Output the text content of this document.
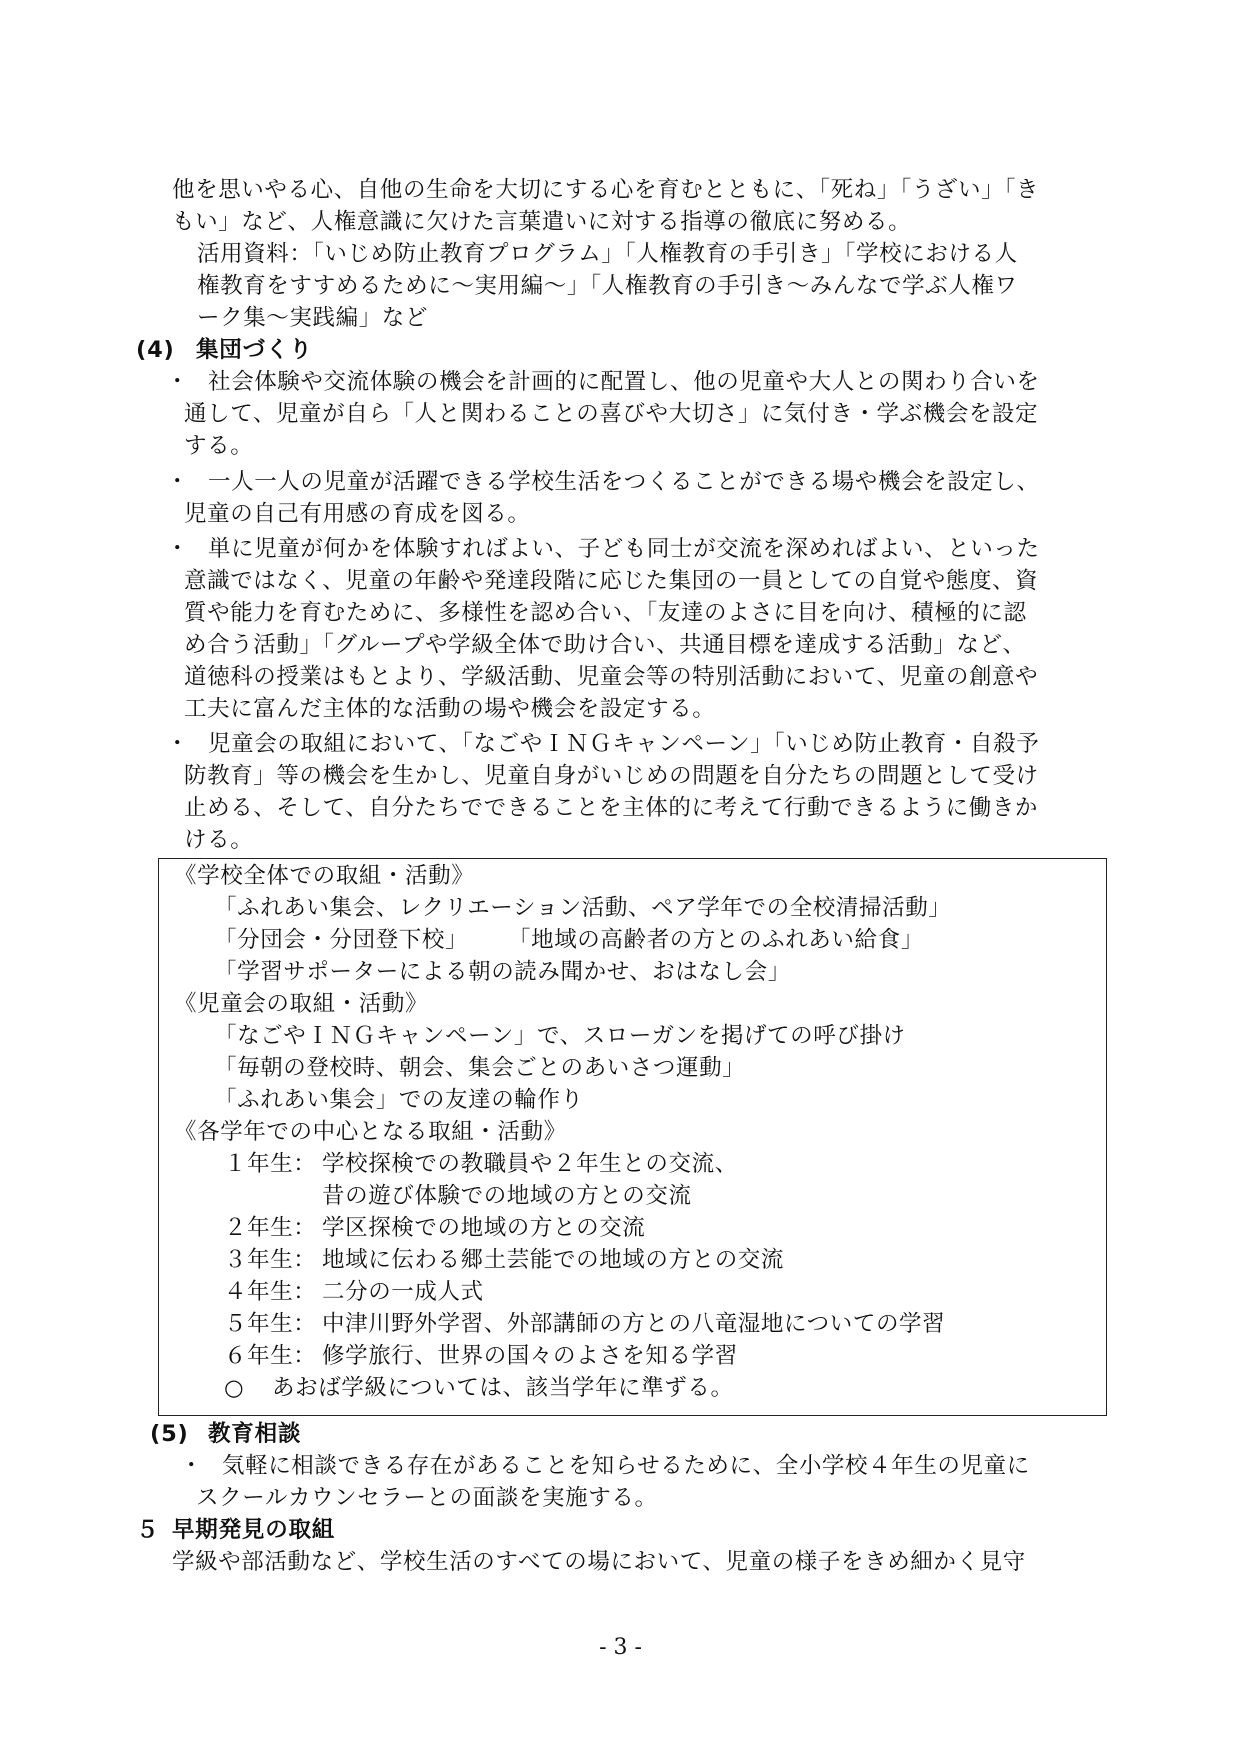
他を思いやる心、自他の生命を大切にする心を育むとともに、「死ね」「うざい」「き
もい」など、人権意識に欠けた言葉遣いに対する指導の徹底に努める。
活用資料：「いじめ防止教育プログラム」「人権教育の手引き」「学校における人
権教育をすすめるために～実用編～」「人権教育の手引き～みんなで学ぶ人権ワ
ーク集～実践編」など
(4) 集団づくり
・ 社会体験や交流体験の機会を計画的に配置し、他の児童や大人との関わり合いを
通して、児童が自ら「人と関わることの喜びや大切さ」に気付き・学ぶ機会を設定
する。
・ 一人一人の児童が活躍できる学校生活をつくることができる場や機会を設定し、
児童の自己有用感の育成を図る。
・ 単に児童が何かを体験すればよい、子ども同士が交流を深めればよい、といった
意識ではなく、児童の年齢や発達段階に応じた集団の一員としての自覚や態度、資
質や能力を育むために、多様性を認め合い、「友達のよさに目を向け、積極的に認
め合う活動」「グループや学級全体で助け合い、共通目標を達成する活動」など、
道徳科の授業はもとより、学級活動、児童会等の特別活動において、児童の創意や
工夫に富んだ主体的な活動の場や機会を設定する。
・ 児童会の取組において、「なごやＩＮＧキャンペーン」「いじめ防止教育・自殺予
防教育」等の機会を生かし、児童自身がいじめの問題を自分たちの問題として受け
止める、そして、自分たちでできることを主体的に考えて行動できるように働きか
ける。
《学校全体での取組・活動》
「ふれあい集会、レクリエーション活動、ペア学年での全校清掃活動」
「分団会・分団登下校」 「地域の高齢者の方とのふれあい給食」
「学習サポーターによる朝の読み聞かせ、おはなし会」
《児童会の取組・活動》
「なごやＩＮＧキャンペーン」で、スローガンを掲げての呼び掛け
「毎朝の登校時、朝会、集会ごとのあいさつ運動」
「ふれあい集会」での友達の輪作り
《各学年での中心となる取組・活動》
１年生： 学校探検での教職員や２年生との交流、
昔の遊び体験での地域の方との交流
２年生： 学区探検での地域の方との交流
３年生： 地域に伝わる郷土芸能での地域の方との交流
４年生： 二分の一成人式
５年生： 中津川野外学習、外部講師の方との八竜湿地についての学習
６年生： 修学旅行、世界の国々のよさを知る学習
○ あおば学級については、該当学年に準ずる。
(5) 教育相談
・ 気軽に相談できる存在があることを知らせるために、全小学校４年生の児童に
スクールカウンセラーとの面談を実施する。
５ 早期発見の取組
学級や部活動など、学校生活のすべての場において、児童の様子をきめ細かく見守
- 3 -
